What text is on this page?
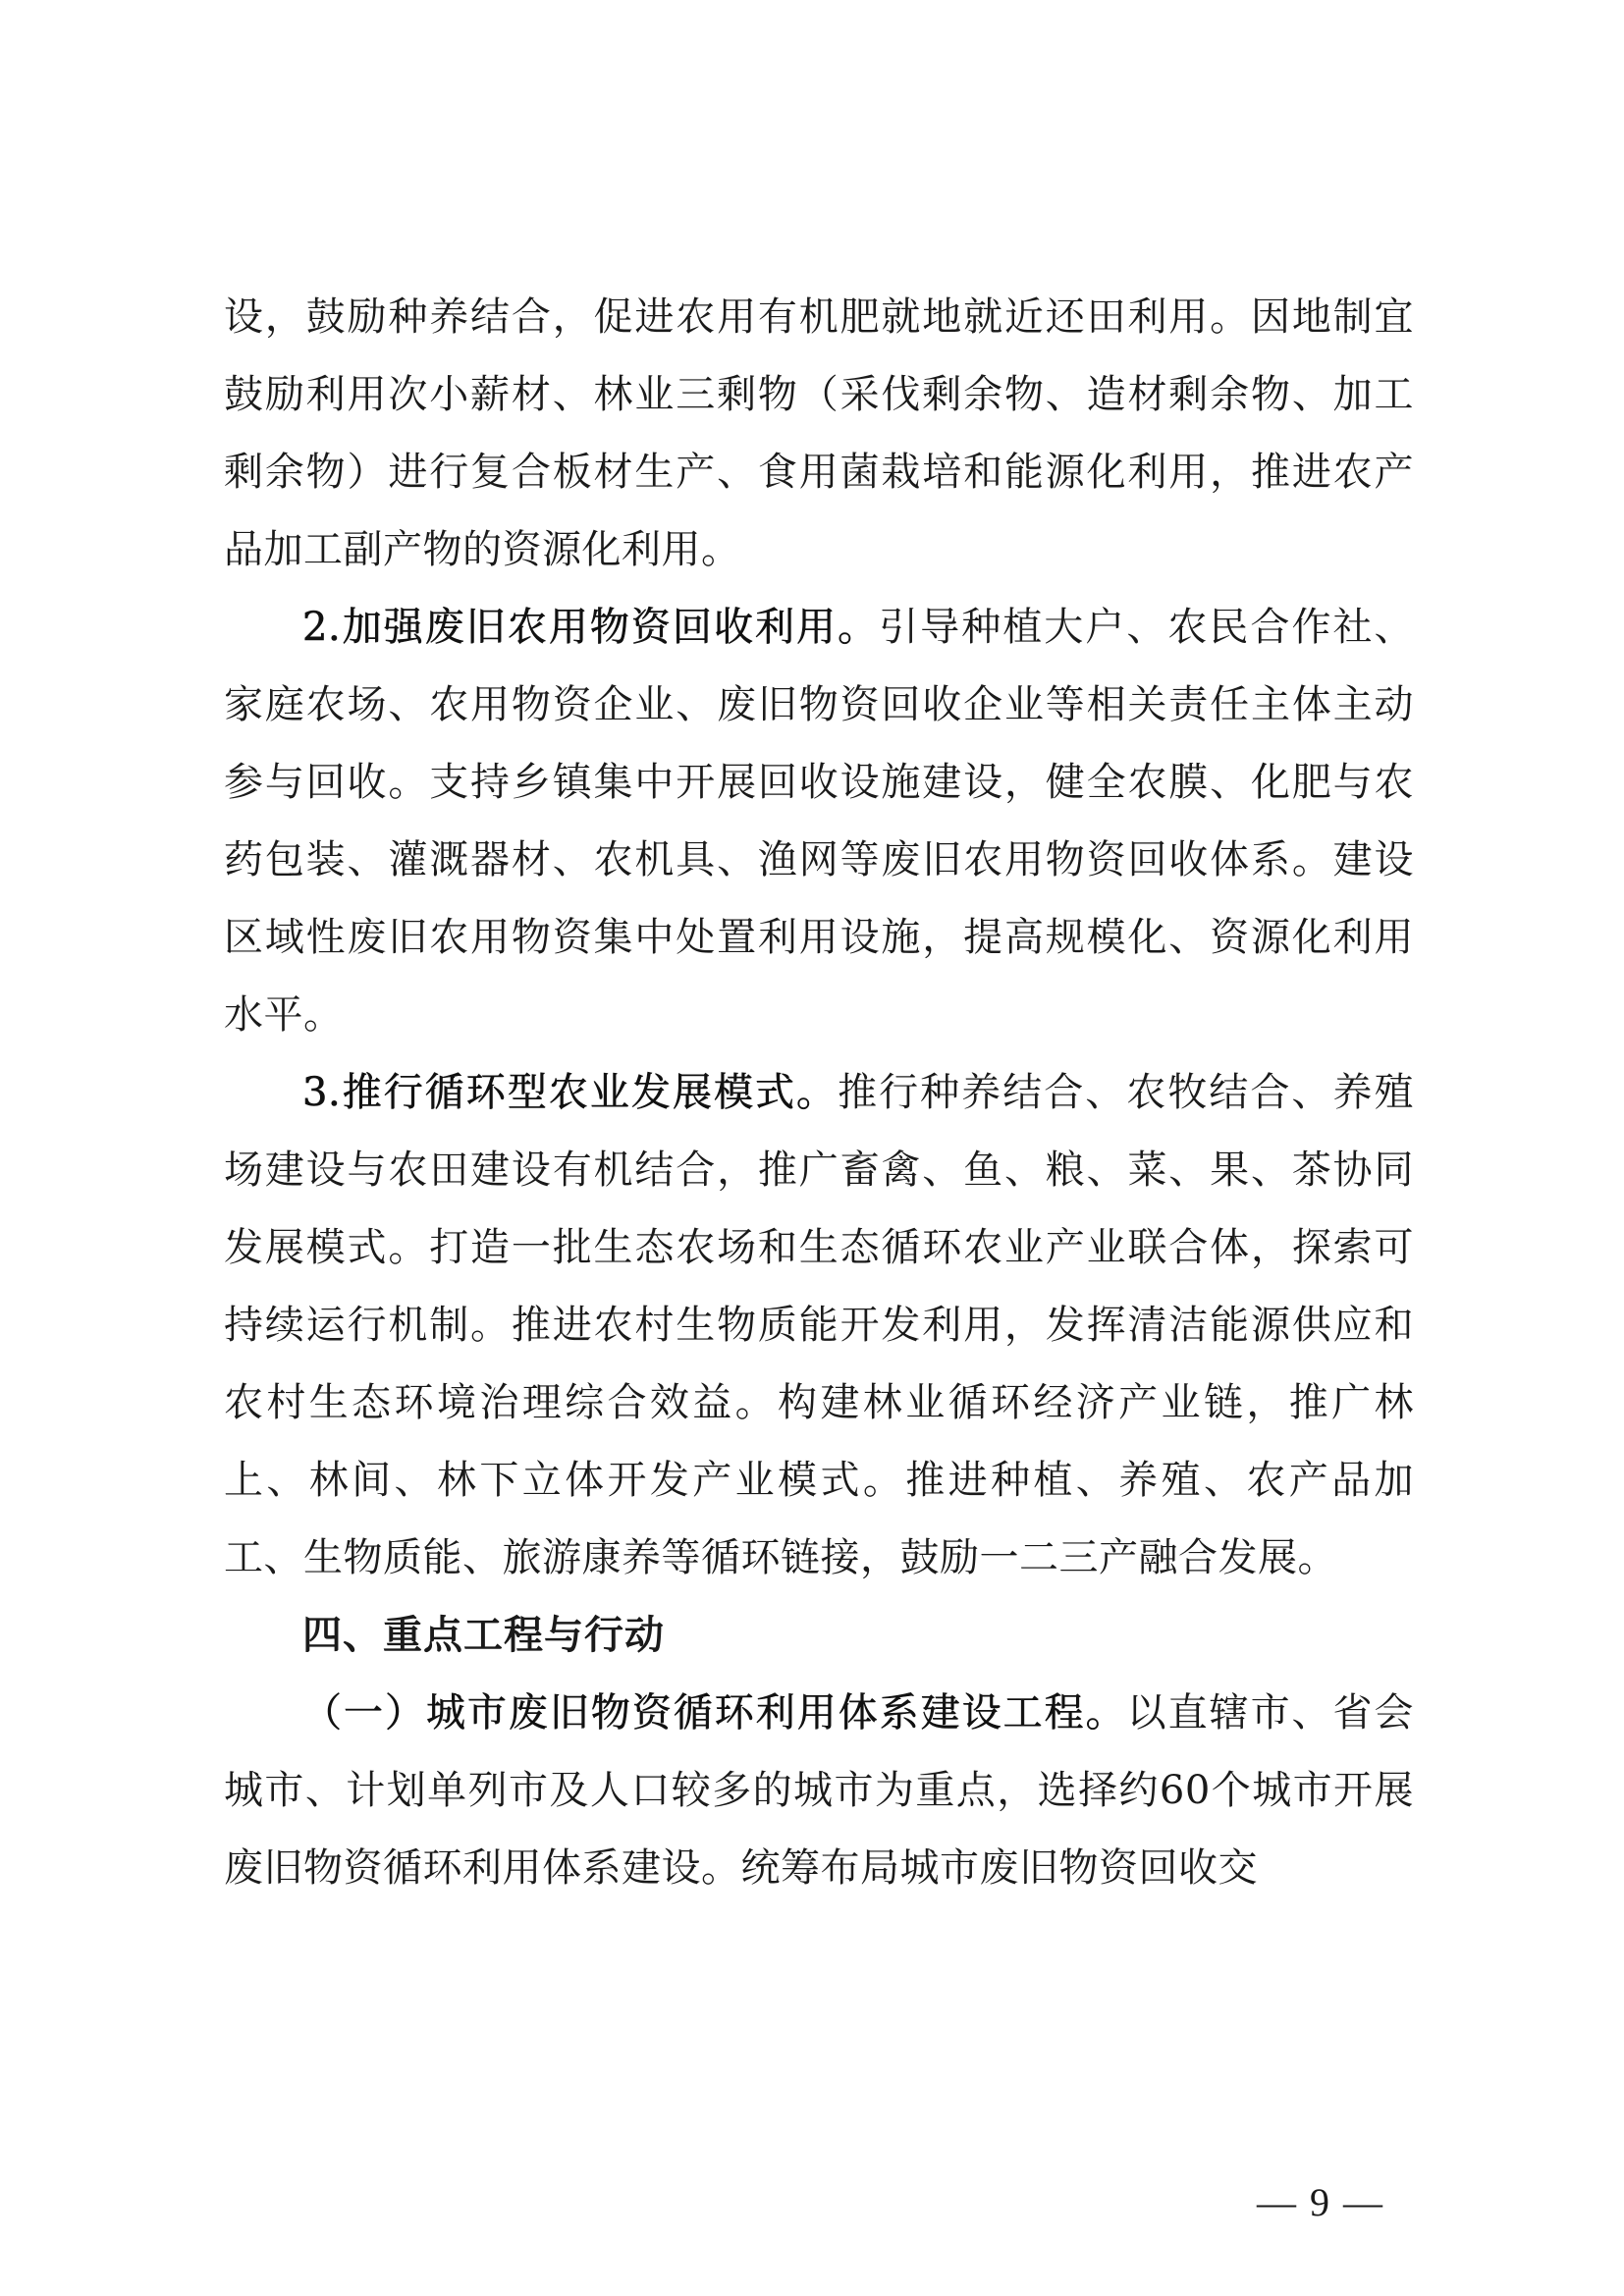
设，鼓励种养结合，促进农用有机肥就地就近还田利用。因地制宜鼓励利用次小薪材、林业三剩物（采伐剩余物、造材剩余物、加工剩余物）进行复合板材生产、食用菌栽培和能源化利用，推进农产品加工副产物的资源化利用。

2.加强废旧农用物资回收利用。引导种植大户、农民合作社、家庭农场、农用物资企业、废旧物资回收企业等相关责任主体主动参与回收。支持乡镇集中开展回收设施建设，健全农膜、化肥与农药包装、灌溉器材、农机具、渔网等废旧农用物资回收体系。建设区域性废旧农用物资集中处置利用设施，提高规模化、资源化利用水平。

3.推行循环型农业发展模式。推行种养结合、农牧结合、养殖场建设与农田建设有机结合，推广畜禽、鱼、粮、菜、果、茶协同发展模式。打造一批生态农场和生态循环农业产业联合体，探索可持续运行机制。推进农村生物质能开发利用，发挥清洁能源供应和农村生态环境治理综合效益。构建林业循环经济产业链，推广林上、林间、林下立体开发产业模式。推进种植、养殖、农产品加工、生物质能、旅游康养等循环链接，鼓励一二三产融合发展。

四、重点工程与行动

（一）城市废旧物资循环利用体系建设工程。以直辖市、省会城市、计划单列市及人口较多的城市为重点，选择约60个城市开展废旧物资循环利用体系建设。统筹布局城市废旧物资回收交

— 9 —
